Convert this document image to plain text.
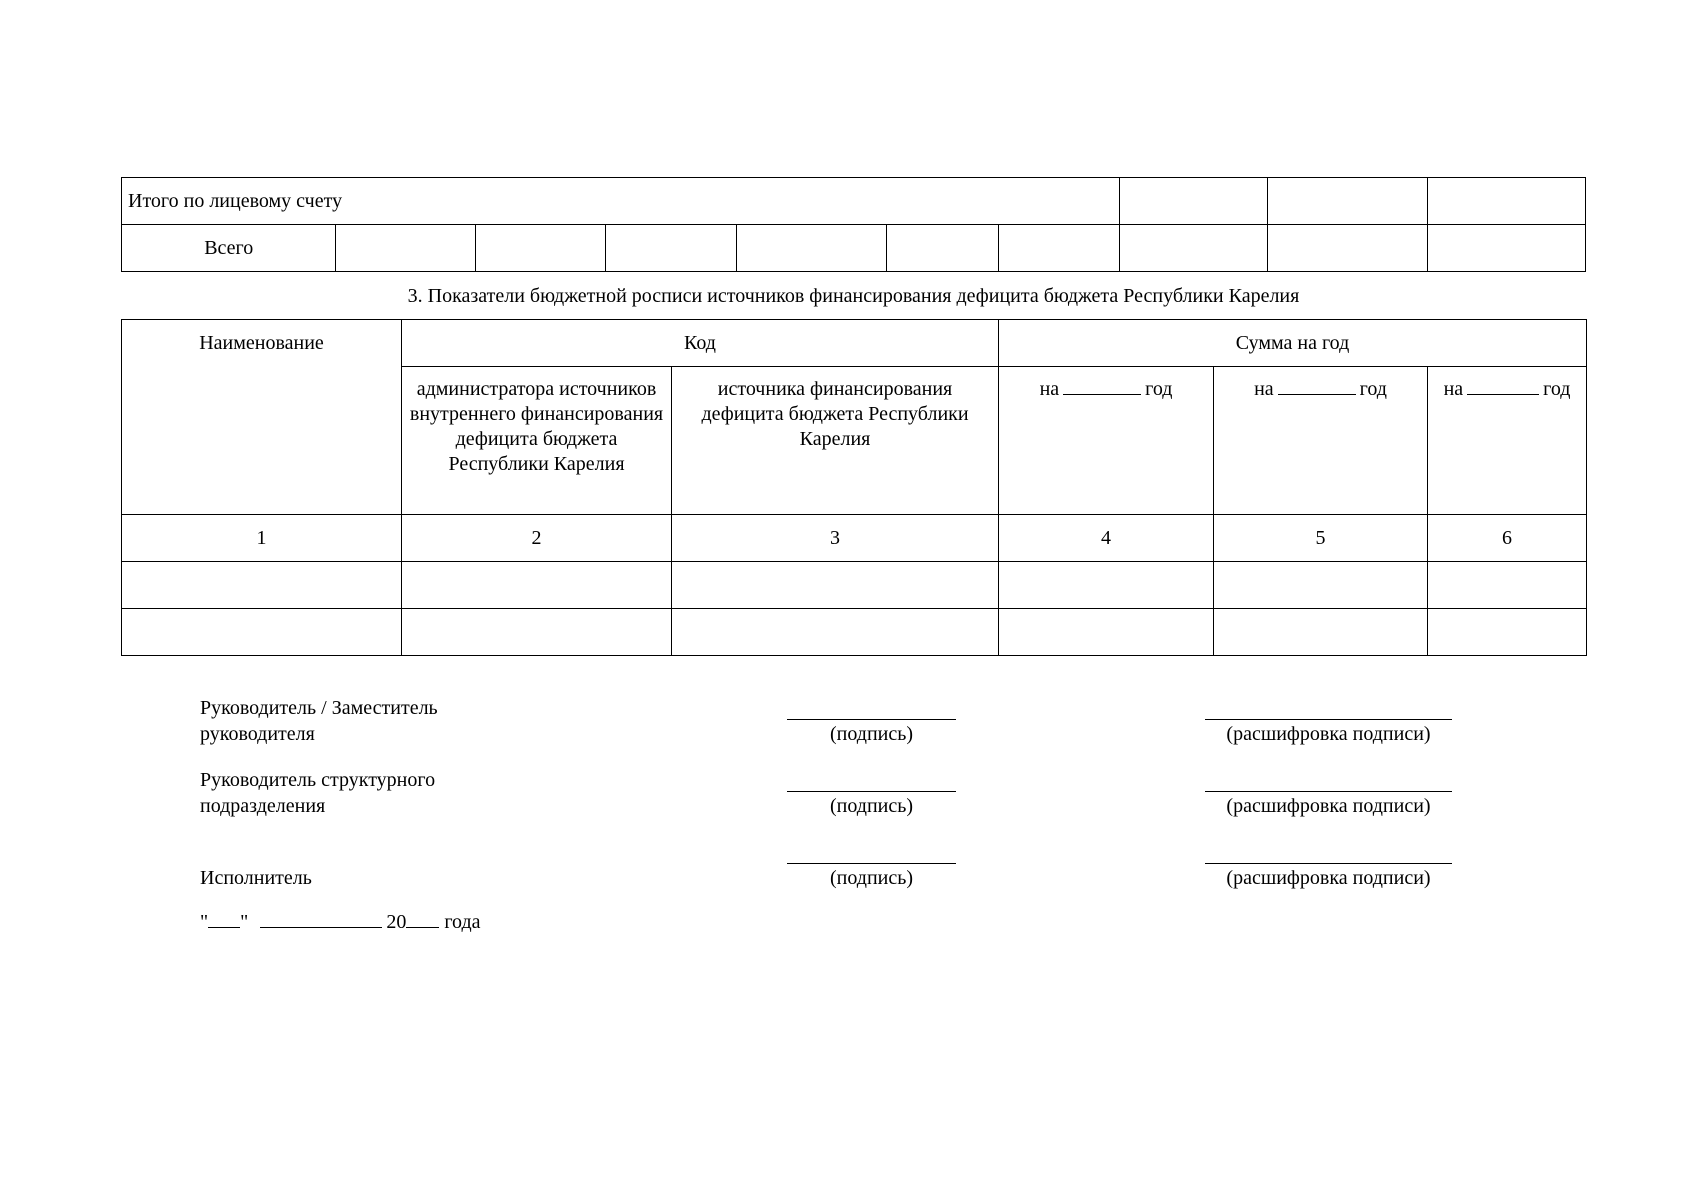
Итого по лицевому счету									
Всего									
3. Показатели бюджетной росписи источников финансирования дефицита бюджета Республики Карелия
Наименование	Код		Сумма на год		
	администратора источников внутреннего финансирования дефицита бюджета Республики Карелия	источника финансирования дефицита бюджета Республики Карелия	на год	на год	на год
1	2	3	4	5	6

Руководитель / Заместитель
руководителя	(подпись)	(расшифровка подписи)
Руководитель структурного
подразделения	(подпись)	(расшифровка подписи)
Исполнитель	(подпись)	(расшифровка подписи)
" "	20 года
